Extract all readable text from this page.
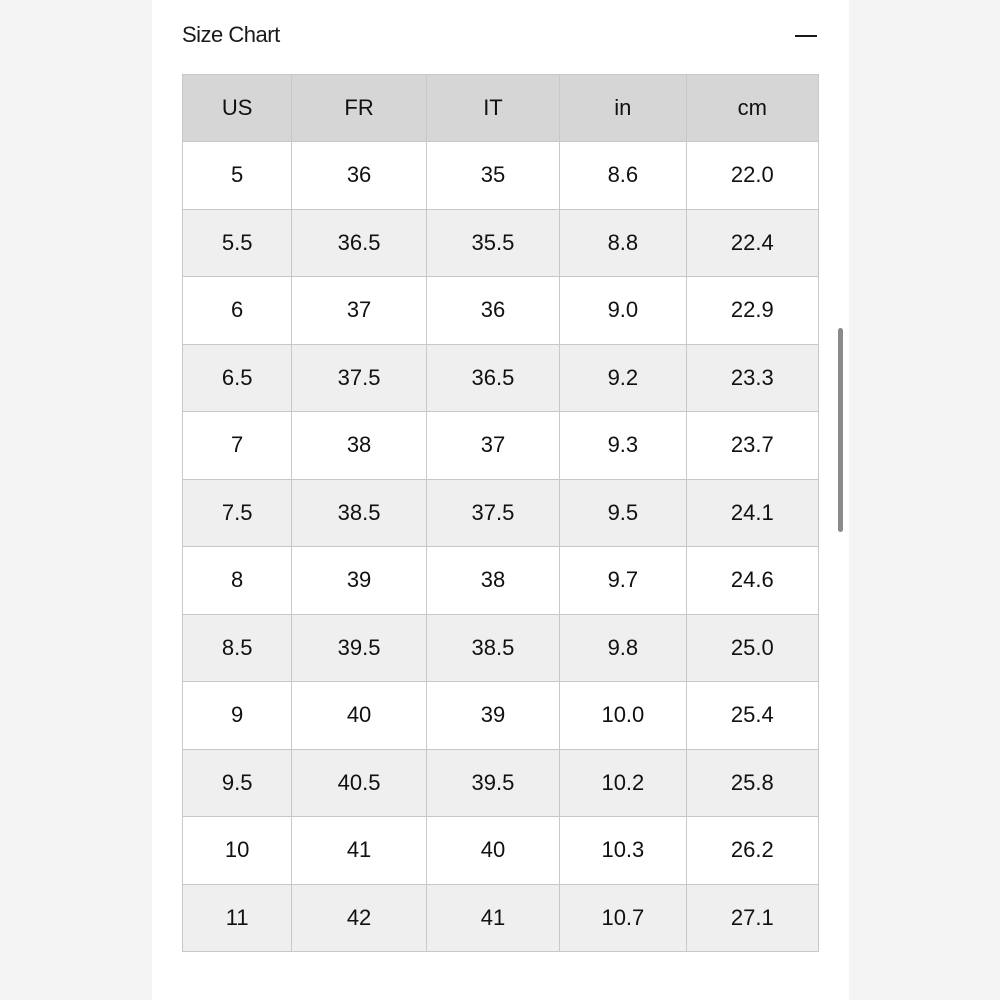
Size Chart
US	FR	IT	in	cm
5	36	35	8.6	22.0
5.5	36.5	35.5	8.8	22.4
6	37	36	9.0	22.9
6.5	37.5	36.5	9.2	23.3
7	38	37	9.3	23.7
7.5	38.5	37.5	9.5	24.1
8	39	38	9.7	24.6
8.5	39.5	38.5	9.8	25.0
9	40	39	10.0	25.4
9.5	40.5	39.5	10.2	25.8
10	41	40	10.3	26.2
11	42	41	10.7	27.1
